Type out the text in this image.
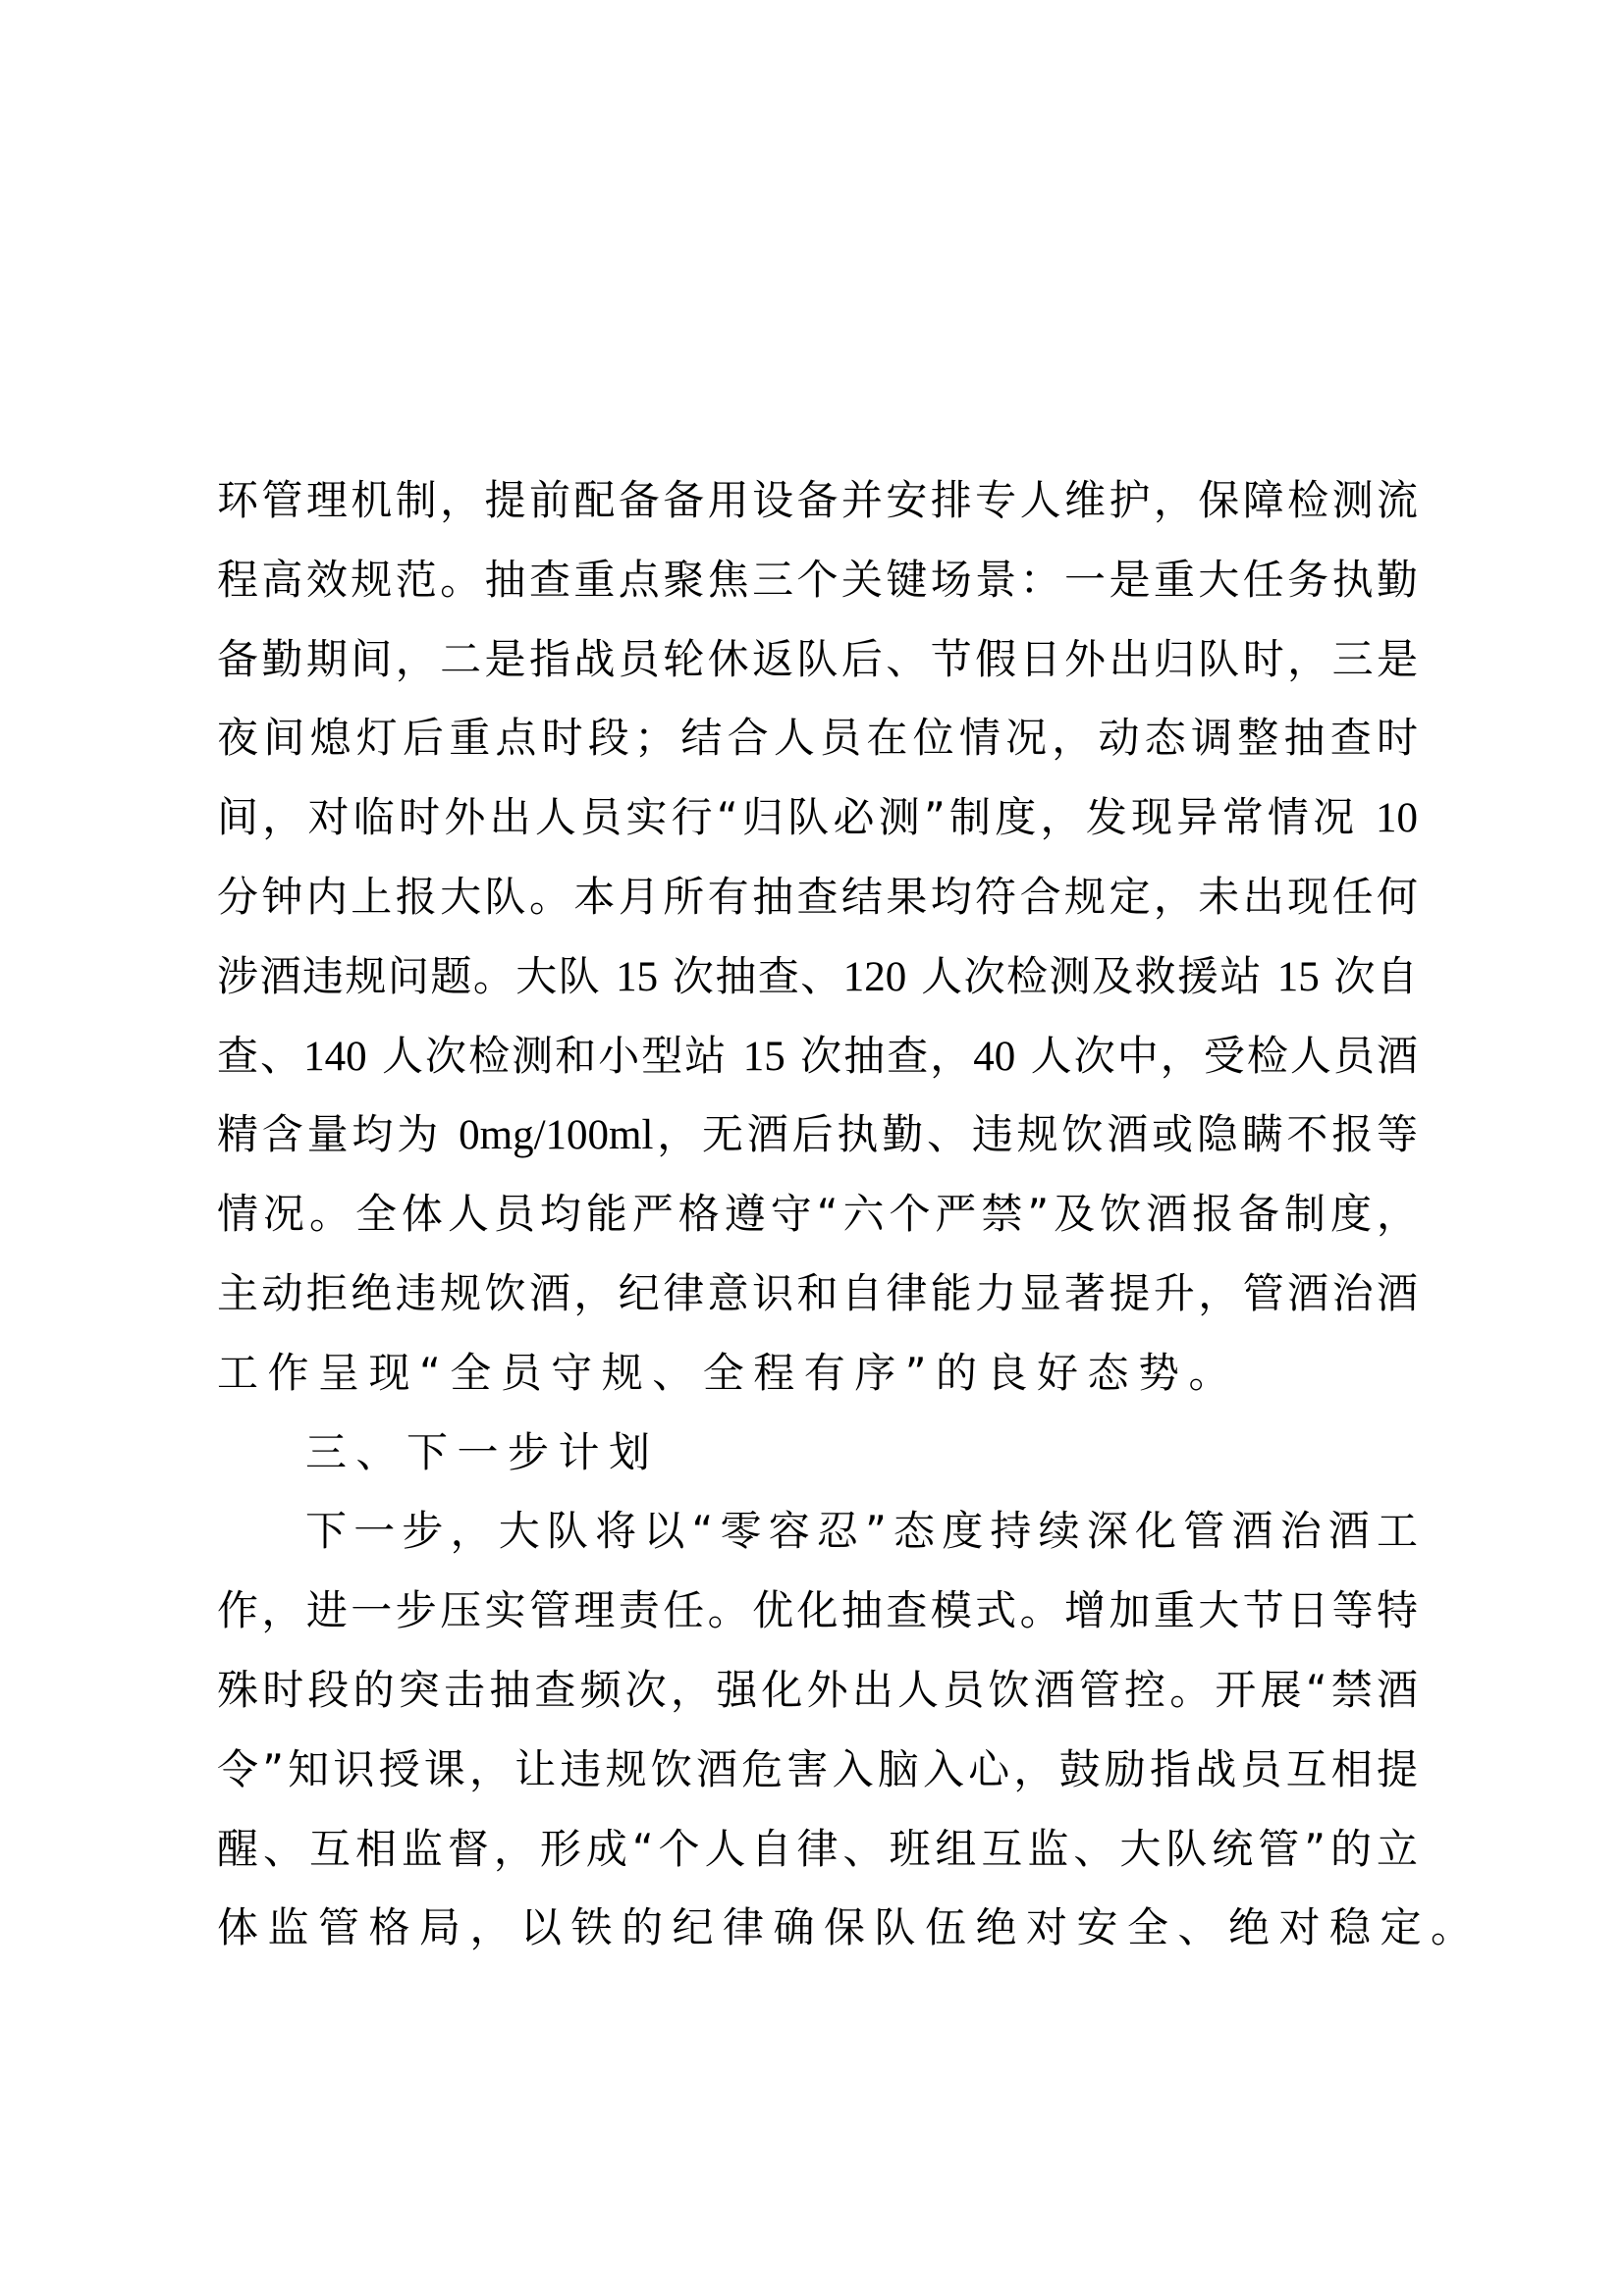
环管理机制，提前配备备用设备并安排专人维护，保障检测流
程高效规范。抽查重点聚焦三个关键场景：一是重大任务执勤
备勤期间，二是指战员轮休返队后、节假日外出归队时，三是
夜间熄灯后重点时段；结合人员在位情况，动态调整抽查时
间，对临时外出人员实行“归队必测”制度，发现异常情况 10
分钟内上报大队。本月所有抽查结果均符合规定，未出现任何
涉酒违规问题。大队 15 次抽查、120 人次检测及救援站 15 次自
查、140 人次检测和小型站 15 次抽查，40 人次中，受检人员酒
精含量均为 0mg/100ml，无酒后执勤、违规饮酒或隐瞒不报等
情况。全体人员均能严格遵守“六个严禁”及饮酒报备制度，
主动拒绝违规饮酒，纪律意识和自律能力显著提升，管酒治酒
工作呈现“全员守规、全程有序”的良好态势。
三、下一步计划
下一步，大队将以“零容忍”态度持续深化管酒治酒工
作，进一步压实管理责任。优化抽查模式。增加重大节日等特
殊时段的突击抽查频次，强化外出人员饮酒管控。开展“禁酒
令”知识授课，让违规饮酒危害入脑入心，鼓励指战员互相提
醒、互相监督，形成“个人自律、班组互监、大队统管”的立
体监管格局，以铁的纪律确保队伍绝对安全、绝对稳定。
